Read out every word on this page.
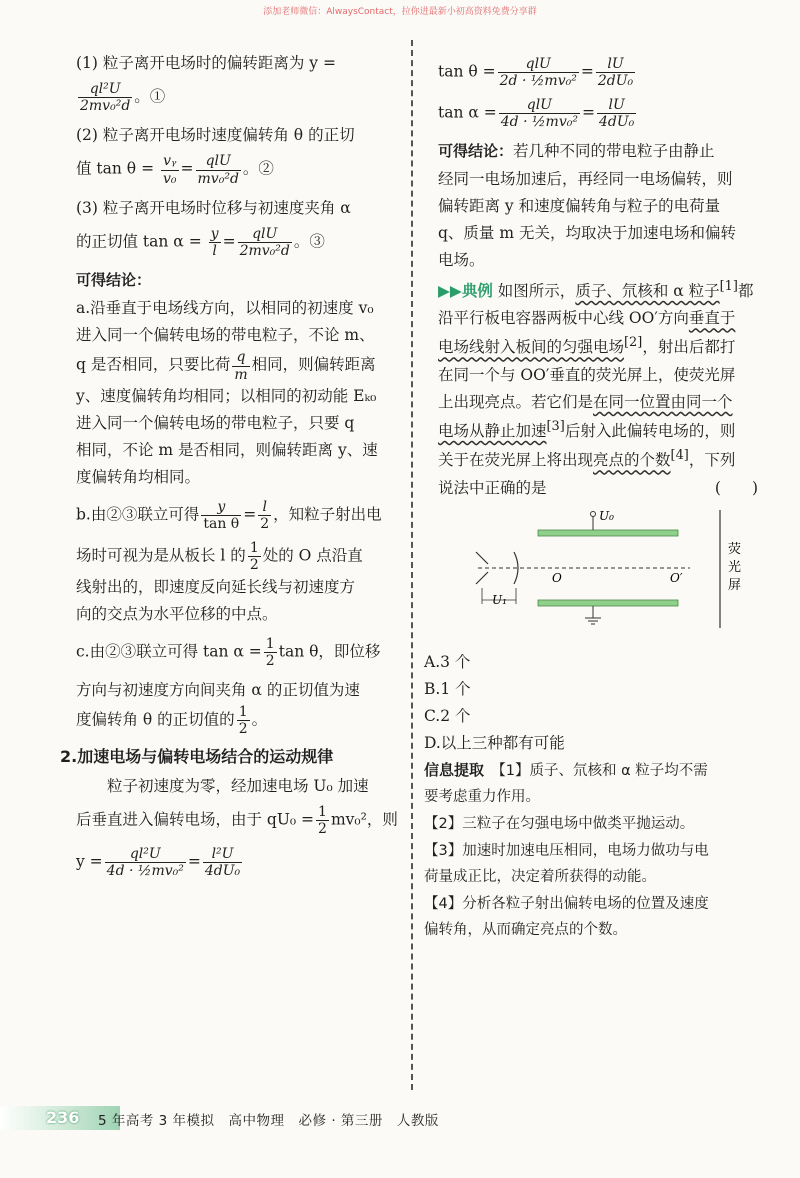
添加老师微信：AlwaysContact，拉你进最新小初高资料免费分享群

(1) 粒子离开电场时的偏转距离为 y =

$\frac{\text{ql²U}}{\text{2mv₀²d}}$ 。①

(2) 粒子离开电场时速度偏转角 θ 的正切

值 $\tan \theta = \frac{\text{vᵧ}}{\text{v₀}} = \frac{\text{qlU}}{\text{mv₀²d}}$ 。②

(3) 粒子离开电场时位移与初速度夹角 α

的正切值 $\tan \alpha = \frac{y}{l} = \frac{\text{qlU}}{\text{2mv₀²d}}$ 。③

可得结论：

a.沿垂直于电场线方向，以相同的初速度 v₀
进入同一个偏转电场的带电粒子，不论 m、
q 是否相同，只要比荷 $\frac{q}{m}$ 相同，则偏转距离
y、速度偏转角均相同；以相同的初动能 Eₖ₀
进入同一个偏转电场的带电粒子，只要 q
相同，不论 m 是否相同，则偏转距离 y、速
度偏转角均相同。

b.由②③联立可得 $\frac{y}{\text{tan θ}} = \frac{l}{2}$ ，知粒子射出电

场时可视为是从板长 l 的 $\frac{1}{2}$ 处的 O 点沿直
线射出的，即速度反向延长线与初速度方
向的交点为水平位移的中点。

c.由②③联立可得 $\tan \alpha = \frac{1}{2}$ tan θ，即位移

方向与初速度方向间夹角 α 的正切值为速
度偏转角 θ 的正切值的 $\frac{1}{2}$ 。

2.加速电场与偏转电场结合的运动规律

粒子初速度为零，经加速电场 U₀ 加速

后垂直进入偏转电场，由于 $qU_0 = \frac{1}{2} mv_0^2$，则

$y = \frac{\text{ql²U}}{\text{4d · ½mv₀²}} = \frac{\text{l²U}}{\text{4dU₀}}$

$\tan \theta = \frac{\text{qlU}}{\text{2d · ½mv₀²}} = \frac{lU}{\text{2dU₀}}$

$\tan \alpha = \frac{\text{qlU}}{\text{4d · ½mv₀²}} = \frac{lU}{\text{4dU₀}}$

可得结论：若几种不同的带电粒子由静止
经同一电场加速后，再经同一电场偏转，则
偏转距离 y 和速度偏转角与粒子的电荷量
q、质量 m 无关，均取决于加速电场和偏转
电场。

▶▶典例 如图所示，质子、氘核和 α 粒子[1]都
沿平行板电容器两板中心线 OO′方向垂直于
电场线射入板间的匀强电场[2]，射出后都打
在同一个与 OO′垂直的荧光屏上，使荧光屏
上出现亮点。若它们是在同一位置由同一个
电场从静止加速[3]后射入此偏转电场的，则
关于在荧光屏上将出现亮点的个数[4]，下列
说法中正确的是	(　　)

U₀
O	O′
U₁
荧
光
屏

A.3 个

B.1 个

C.2 个

D.以上三种都有可能

信息提取　 【1】质子、氘核和 α 粒子均不需
要考虑重力作用。

【2】三粒子在匀强电场中做类平抛运动。

【3】加速时加速电压相同，电场力做功与电
荷量成正比，决定着所获得的动能。

【4】分析各粒子射出偏转电场的位置及速度
偏转角，从而确定亮点的个数。

236 5 年高考 3 年模拟　高中物理　必修 · 第三册　人教版
